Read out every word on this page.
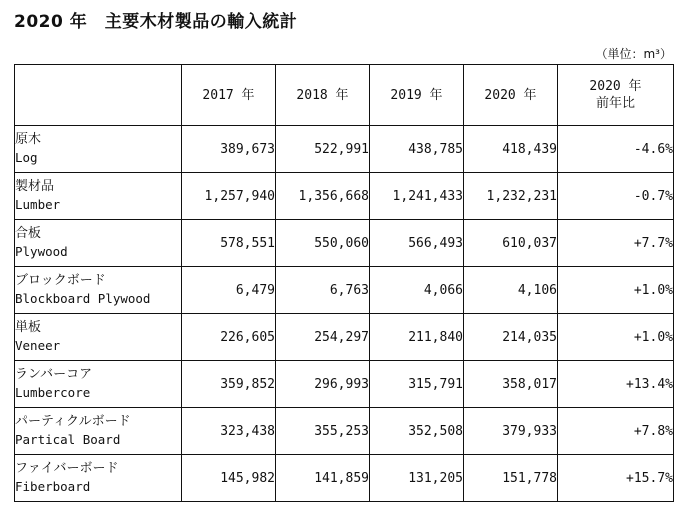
2020 年　主要木材製品の輸入統計
（単位：m³）
	2017 年	2018 年	2019 年	2020 年	2020 年
前年比

原木
Log	389,673	522,991	438,785	418,439	-4.6%

製材品
Lumber	1,257,940	1,356,668	1,241,433	1,232,231	-0.7%

合板
Plywood	578,551	550,060	566,493	610,037	+7.7%

ブロックボード
Blockboard Plywood	6,479	6,763	4,066	4,106	+1.0%

単板
Veneer	226,605	254,297	211,840	214,035	+1.0%

ランバーコア
Lumbercore	359,852	296,993	315,791	358,017	+13.4%

パーティクルボード
Partical Board	323,438	355,253	352,508	379,933	+7.8%

ファイバーボード
Fiberboard	145,982	141,859	131,205	151,778	+15.7%
